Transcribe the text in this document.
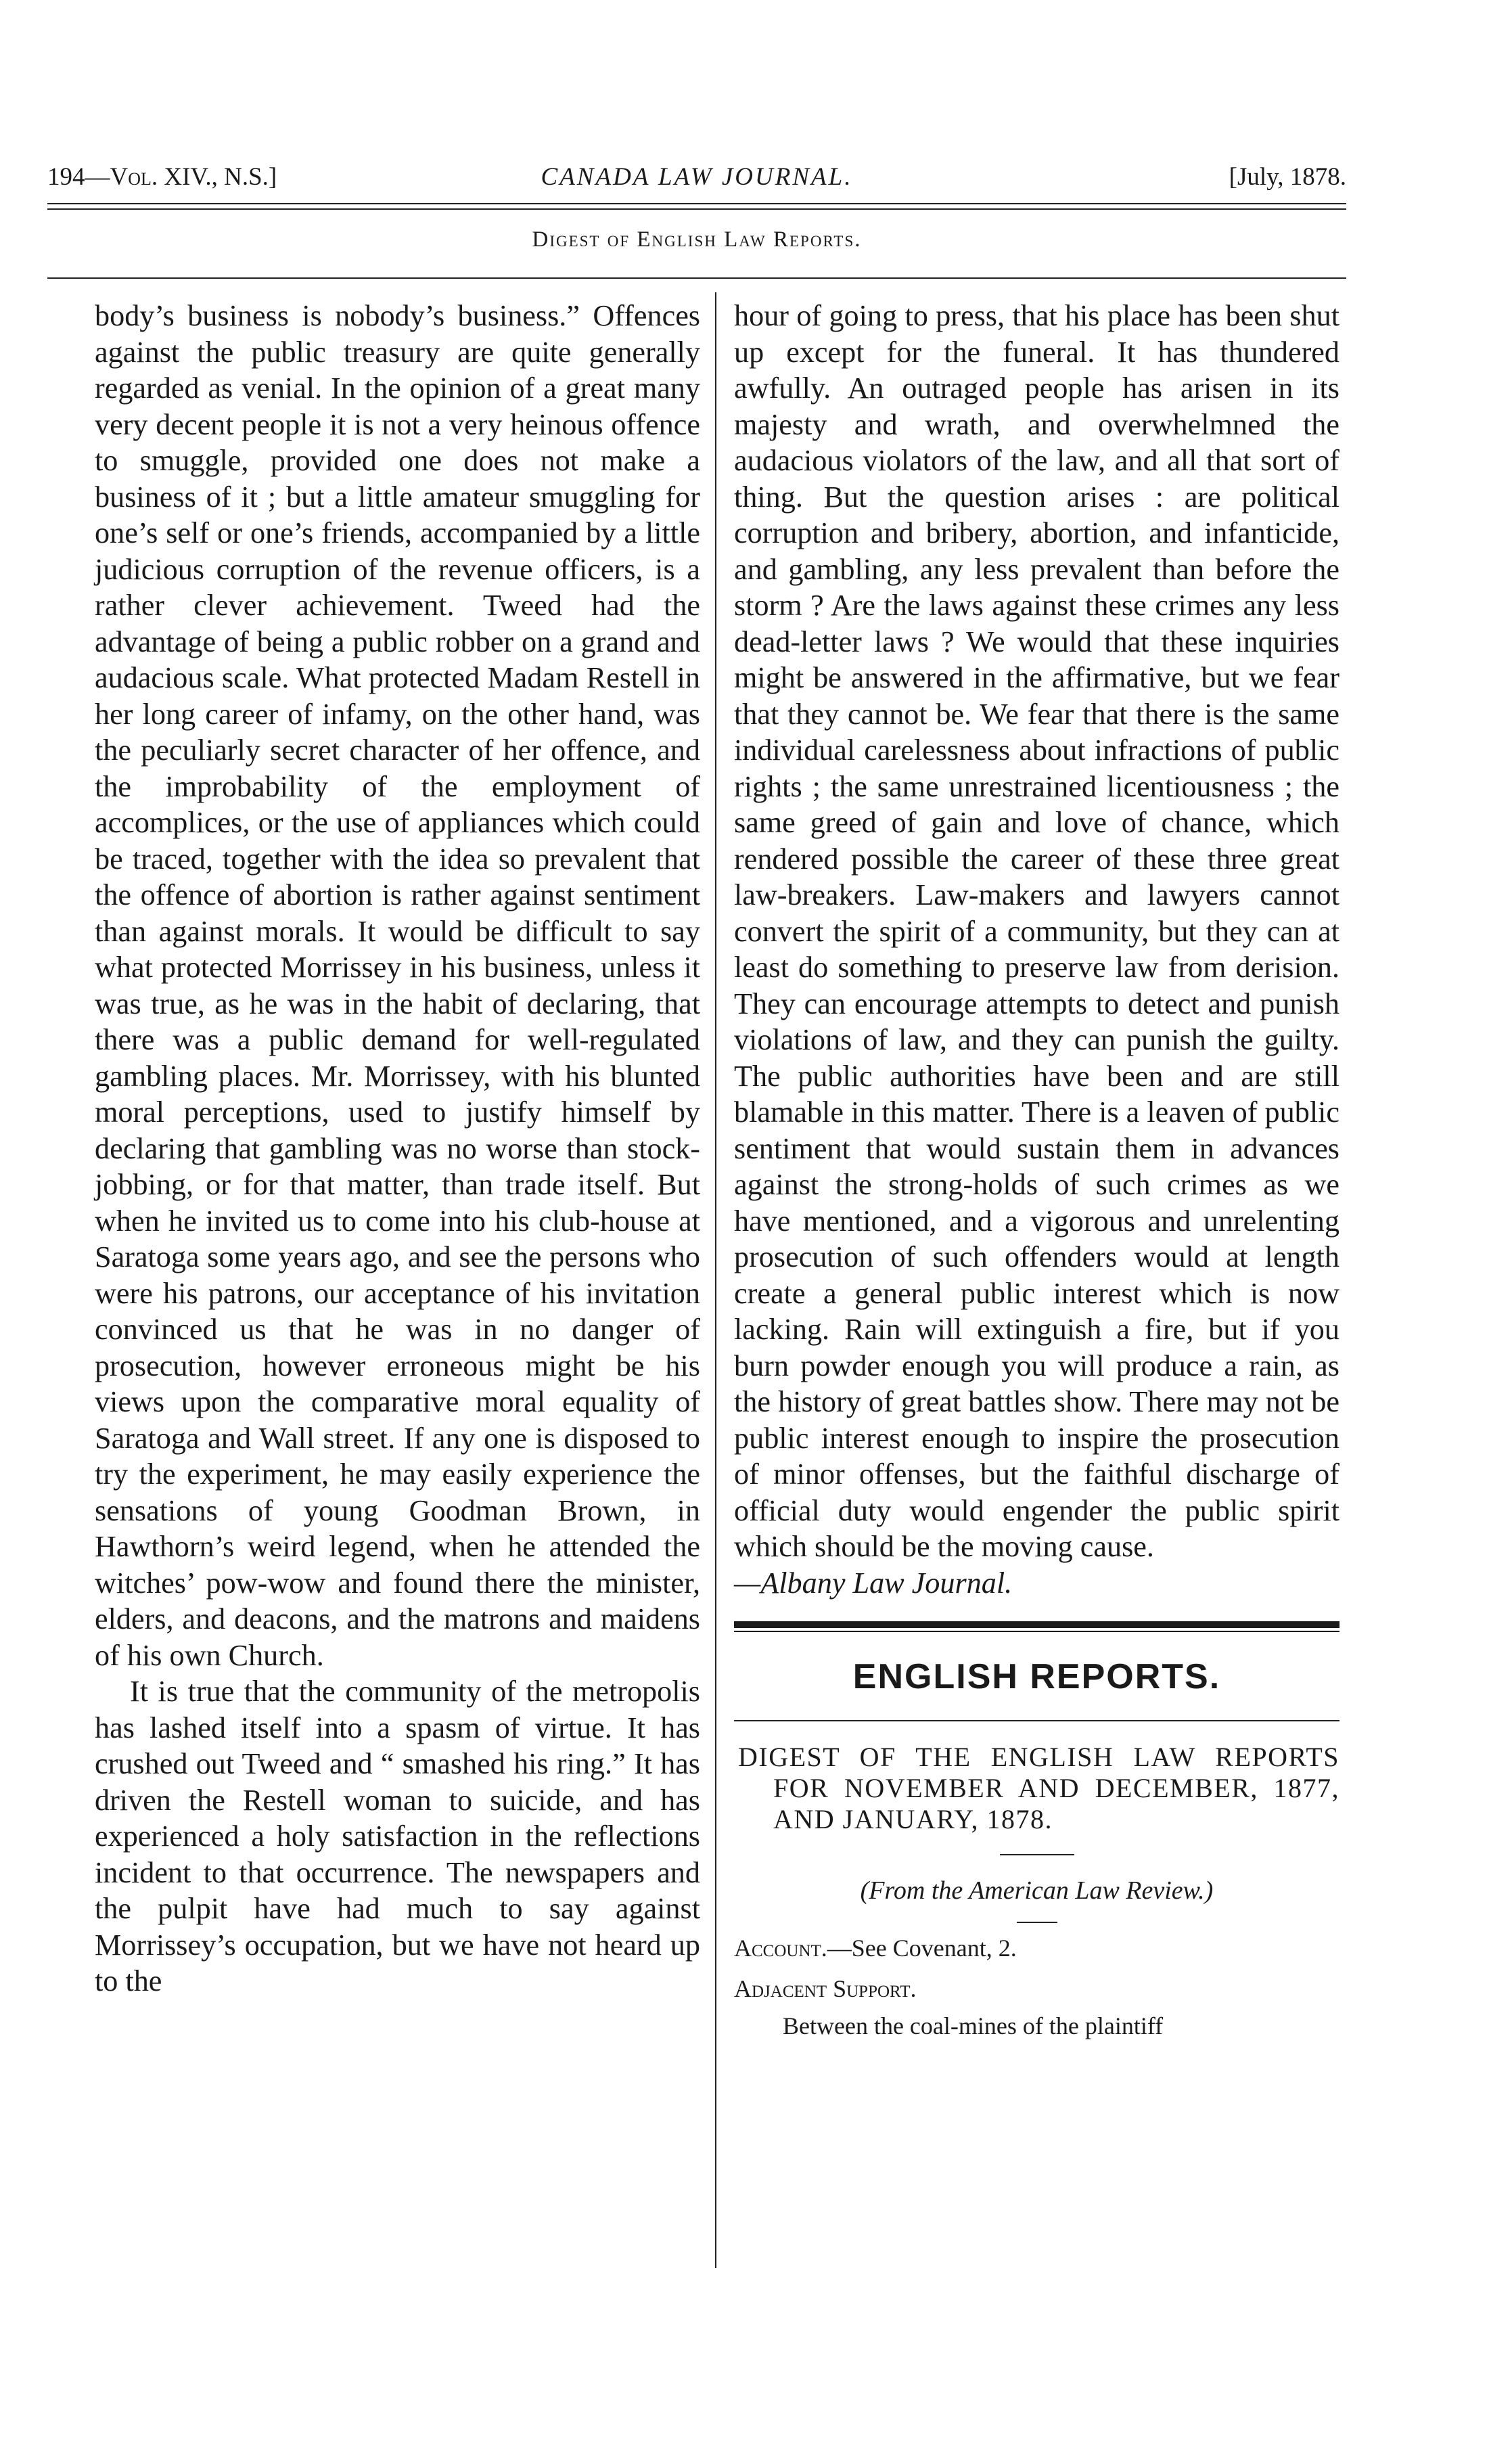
194—Vol. XIV., N.S.]	CANADA LAW JOURNAL.	[July, 1878.
Digest of English Law Reports.

body’s business is nobody’s business.” Offences against the public treasury are quite generally regarded as venial. In the opinion of a great many very decent people it is not a very heinous offence to smuggle, provided one does not make a business of it ; but a little amateur smuggling for one’s self or one’s friends, accompanied by a little judicious corruption of the revenue officers, is a rather clever achievement. Tweed had the advantage of being a public robber on a grand and audacious scale. What protected Madam Restell in her long career of infamy, on the other hand, was the peculiarly secret character of her offence, and the improbability of the employment of accomplices, or the use of appliances which could be traced, together with the idea so prevalent that the offence of abortion is rather against sentiment than against morals. It would be difficult to say what protected Morrissey in his business, unless it was true, as he was in the habit of declaring, that there was a public demand for well-regulated gambling places. Mr. Morrissey, with his blunted moral perceptions, used to justify himself by declaring that gambling was no worse than stock-jobbing, or for that matter, than trade itself. But when he invited us to come into his club-house at Saratoga some years ago, and see the persons who were his patrons, our acceptance of his invitation convinced us that he was in no danger of prosecution, however erroneous might be his views upon the comparative moral equality of Saratoga and Wall street. If any one is disposed to try the experiment, he may easily experience the sensations of young Goodman Brown, in Hawthorn’s weird legend, when he attended the witches’ pow-wow and found there the minister, elders, and deacons, and the matrons and maidens of his own Church.

It is true that the community of the metropolis has lashed itself into a spasm of virtue. It has crushed out Tweed and “ smashed his ring.” It has driven the Restell woman to suicide, and has experienced a holy satisfaction in the reflections incident to that occurrence. The newspapers and the pulpit have had much to say against Morrissey’s occupation, but we have not heard up to the

hour of going to press, that his place has been shut up except for the funeral. It has thundered awfully. An outraged people has arisen in its majesty and wrath, and overwhelmned the audacious violators of the law, and all that sort of thing. But the question arises : are political corruption and bribery, abortion, and infanticide, and gambling, any less prevalent than before the storm ? Are the laws against these crimes any less dead-letter laws ? We would that these inquiries might be answered in the affirmative, but we fear that they cannot be. We fear that there is the same individual carelessness about infractions of public rights ; the same unrestrained licentiousness ; the same greed of gain and love of chance, which rendered possible the career of these three great law-breakers. Law-makers and lawyers cannot convert the spirit of a community, but they can at least do something to preserve law from derision. They can encourage attempts to detect and punish violations of law, and they can punish the guilty. The public authorities have been and are still blamable in this matter. There is a leaven of public sentiment that would sustain them in advances against the strong-holds of such crimes as we have mentioned, and a vigorous and unrelenting prosecution of such offenders would at length create a general public interest which is now lacking. Rain will extinguish a fire, but if you burn powder enough you will produce a rain, as the history of great battles show. There may not be public interest enough to inspire the prosecution of minor offenses, but the faithful discharge of official duty would engender the public spirit which should be the moving cause.

—Albany Law Journal.

ENGLISH REPORTS.

DIGEST OF THE ENGLISH LAW REPORTS FOR NOVEMBER AND DECEMBER, 1877, AND JANUARY, 1878.

(From the American Law Review.)

Account.—See Covenant, 2.

Adjacent Support.

Between the coal-mines of the plaintiff
